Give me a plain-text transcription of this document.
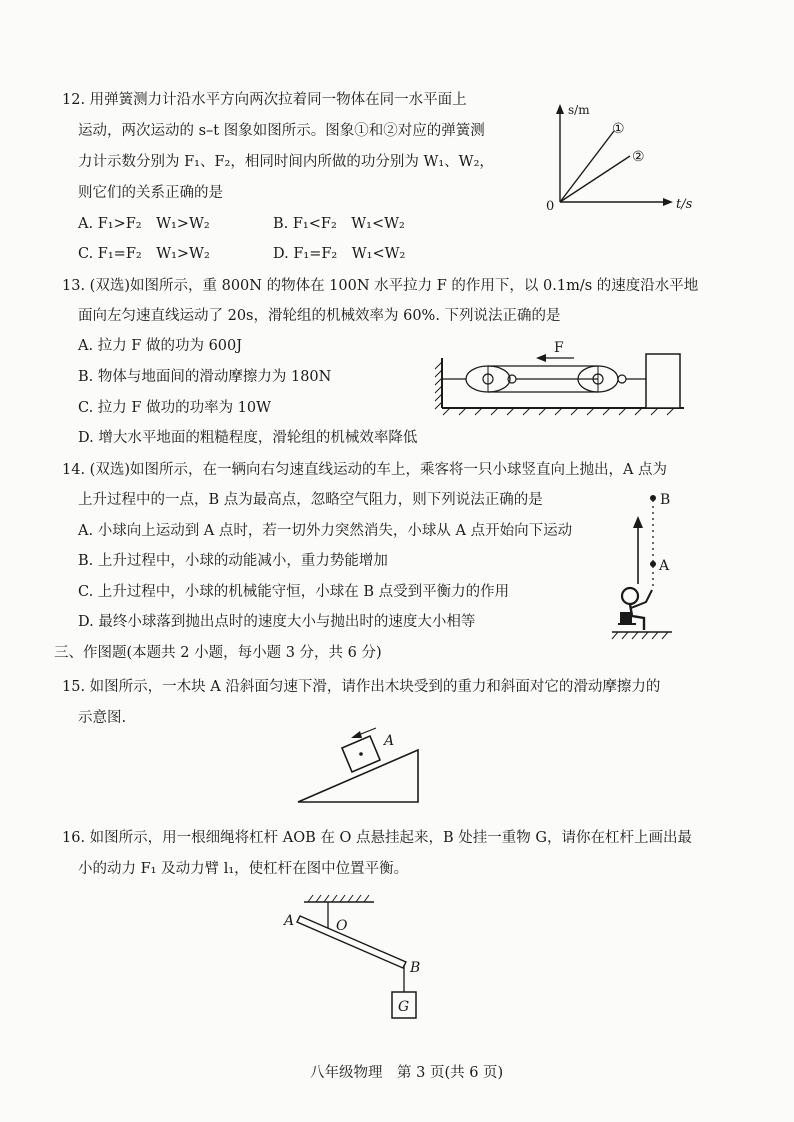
12. 用弹簧测力计沿水平方向两次拉着同一物体在同一水平面上
运动，两次运动的 s–t 图象如图所示。图象①和②对应的弹簧测
力计示数分别为 F₁、F₂，相同时间内所做的功分别为 W₁、W₂，
则它们的关系正确的是
A. F₁>F₂　W₁>W₂	B. F₁<F₂　W₁<W₂
C. F₁=F₂　W₁>W₂	D. F₁=F₂　W₁<W₂
s/m
t/s
0
①
②
13. (双选)如图所示，重 800N 的物体在 100N 水平拉力 F 的作用下，以 0.1m/s 的速度沿水平地
面向左匀速直线运动了 20s，滑轮组的机械效率为 60%. 下列说法正确的是
A. 拉力 F 做的功为 600J
B. 物体与地面间的滑动摩擦力为 180N
C. 拉力 F 做功的功率为 10W
D. 增大水平地面的粗糙程度，滑轮组的机械效率降低
F
14. (双选)如图所示，在一辆向右匀速直线运动的车上，乘客将一只小球竖直向上抛出，A 点为
上升过程中的一点，B 点为最高点，忽略空气阻力，则下列说法正确的是
A. 小球向上运动到 A 点时，若一切外力突然消失，小球从 A 点开始向下运动
B. 上升过程中，小球的动能减小，重力势能增加
C. 上升过程中，小球的机械能守恒，小球在 B 点受到平衡力的作用
D. 最终小球落到抛出点时的速度大小与抛出时的速度大小相等
B
A
三、作图题(本题共 2 小题，每小题 3 分，共 6 分)
15. 如图所示，一木块 A 沿斜面匀速下滑，请作出木块受到的重力和斜面对它的滑动摩擦力的
示意图.
A
16. 如图所示，用一根细绳将杠杆 AOB 在 O 点悬挂起来，B 处挂一重物 G，请你在杠杆上画出最
小的动力 F₁ 及动力臂 l₁，使杠杆在图中位置平衡。
G
A	O
B
八年级物理　第 3 页(共 6 页)
